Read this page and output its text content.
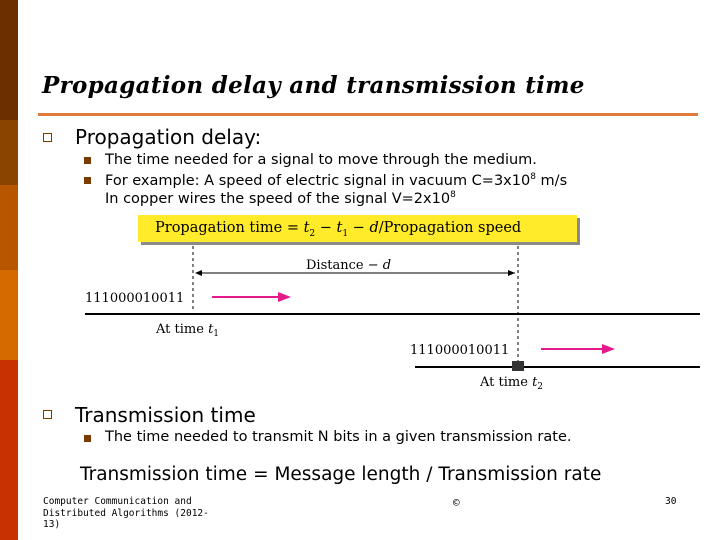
Propagation delay and transmission time
Propagation delay:
The time needed for a signal to move through the medium.
For example: A speed of electric signal in vacuum $C=3x10^8$ m/s
In copper wires the speed of the signal $V=2x10^8$
Propagation time = $t_2 - t_1$ − d/Propagation speed
Distance − d
111000010011
At time $t_1$
111000010011
At time $t_2$
Transmission time
The time needed to transmit N bits in a given transmission rate.
Transmission time = Message length / Transmission rate
Computer Communication and
Distributed Algorithms (2012-
13)
©	30
